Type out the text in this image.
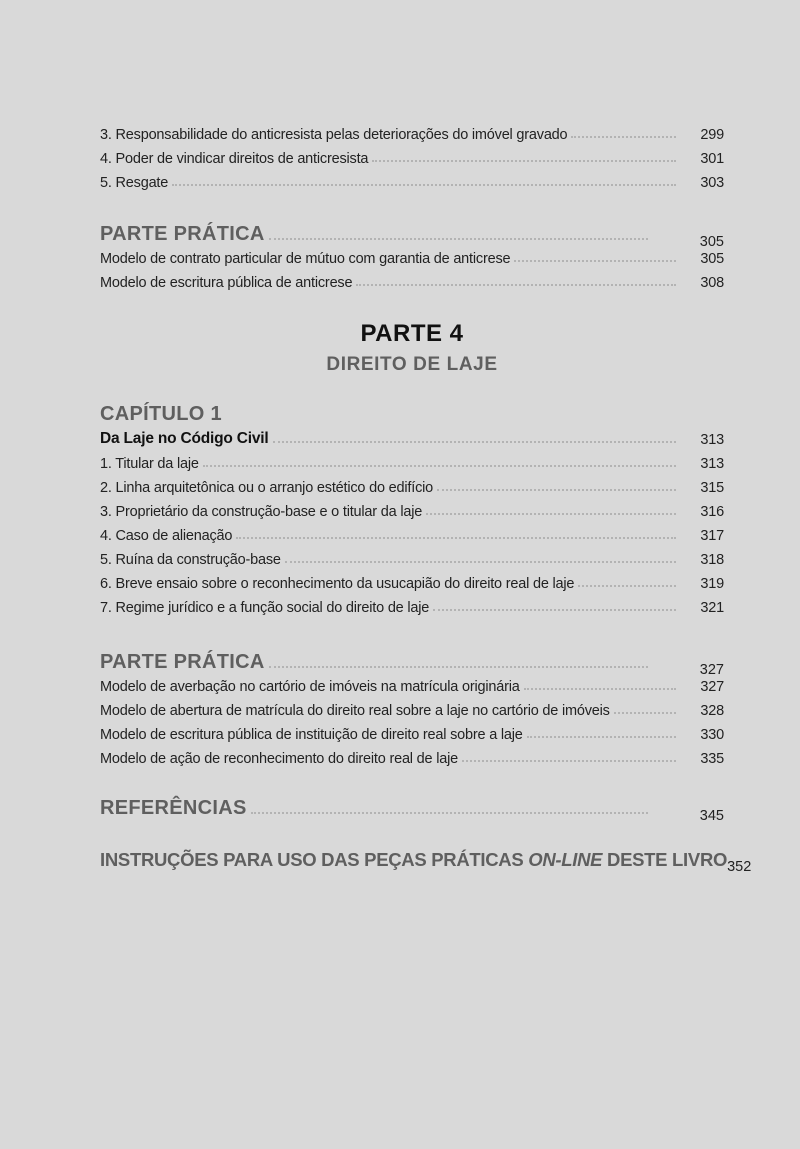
3. Responsabilidade do anticresista pelas deteriorações do imóvel gravado	299
4. Poder de vindicar direitos de anticresista	301
5. Resgate	303
PARTE PRÁTICA	305
Modelo de contrato particular de mútuo com garantia de anticrese	305
Modelo de escritura pública de anticrese	308
PARTE 4
DIREITO DE LAJE
CAPÍTULO 1
Da Laje no Código Civil	313
1. Titular da laje	313
2. Linha arquitetônica ou o arranjo estético do edifício	315
3. Proprietário da construção-base e o titular da laje	316
4. Caso de alienação	317
5. Ruína da construção-base	318
6. Breve ensaio sobre o reconhecimento da usucapião do direito real de laje	319
7. Regime jurídico e a função social do direito de laje	321
PARTE PRÁTICA	327
Modelo de averbação no cartório de imóveis na matrícula originária	327
Modelo de abertura de matrícula do direito real sobre a laje no cartório de imóveis	328
Modelo de escritura pública de instituição de direito real sobre a laje	330
Modelo de ação de reconhecimento do direito real de laje	335
REFERÊNCIAS	345
INSTRUÇÕES PARA USO DAS PEÇAS PRÁTICAS ON-LINE DESTE LIVRO 352
